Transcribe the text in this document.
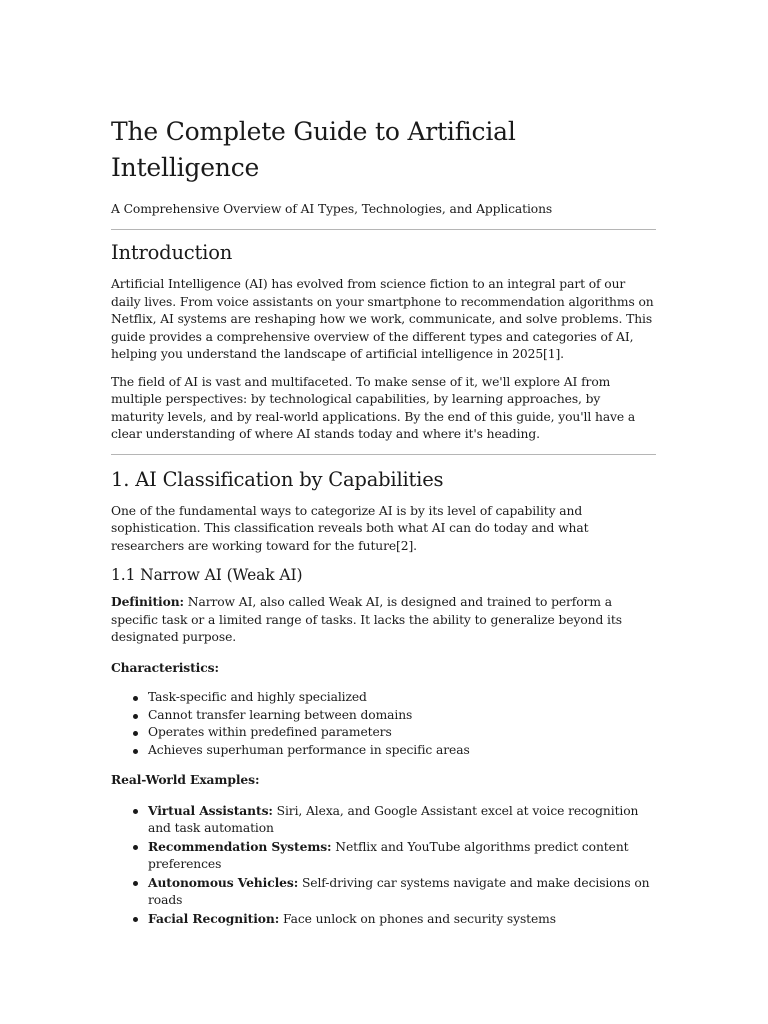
The Complete Guide to Artificial Intelligence

A Comprehensive Overview of AI Types, Technologies, and Applications

Introduction

Artificial Intelligence (AI) has evolved from science fiction to an integral part of our daily lives. From voice assistants on your smartphone to recommendation algorithms on Netflix, AI systems are reshaping how we work, communicate, and solve problems. This guide provides a comprehensive overview of the different types and categories of AI, helping you understand the landscape of artificial intelligence in 2025[1].

The field of AI is vast and multifaceted. To make sense of it, we'll explore AI from multiple perspectives: by technological capabilities, by learning approaches, by maturity levels, and by real-world applications. By the end of this guide, you'll have a clear understanding of where AI stands today and where it's heading.

1. AI Classification by Capabilities

One of the fundamental ways to categorize AI is by its level of capability and sophistication. This classification reveals both what AI can do today and what researchers are working toward for the future[2].

1.1 Narrow AI (Weak AI)

Definition: Narrow AI, also called Weak AI, is designed and trained to perform a specific task or a limited range of tasks. It lacks the ability to generalize beyond its designated purpose.

Characteristics:

Task-specific and highly specialized
Cannot transfer learning between domains
Operates within predefined parameters
Achieves superhuman performance in specific areas

Real-World Examples:

Virtual Assistants: Siri, Alexa, and Google Assistant excel at voice recognition and task automation
Recommendation Systems: Netflix and YouTube algorithms predict content preferences
Autonomous Vehicles: Self-driving car systems navigate and make decisions on roads
Facial Recognition: Face unlock on phones and security systems
